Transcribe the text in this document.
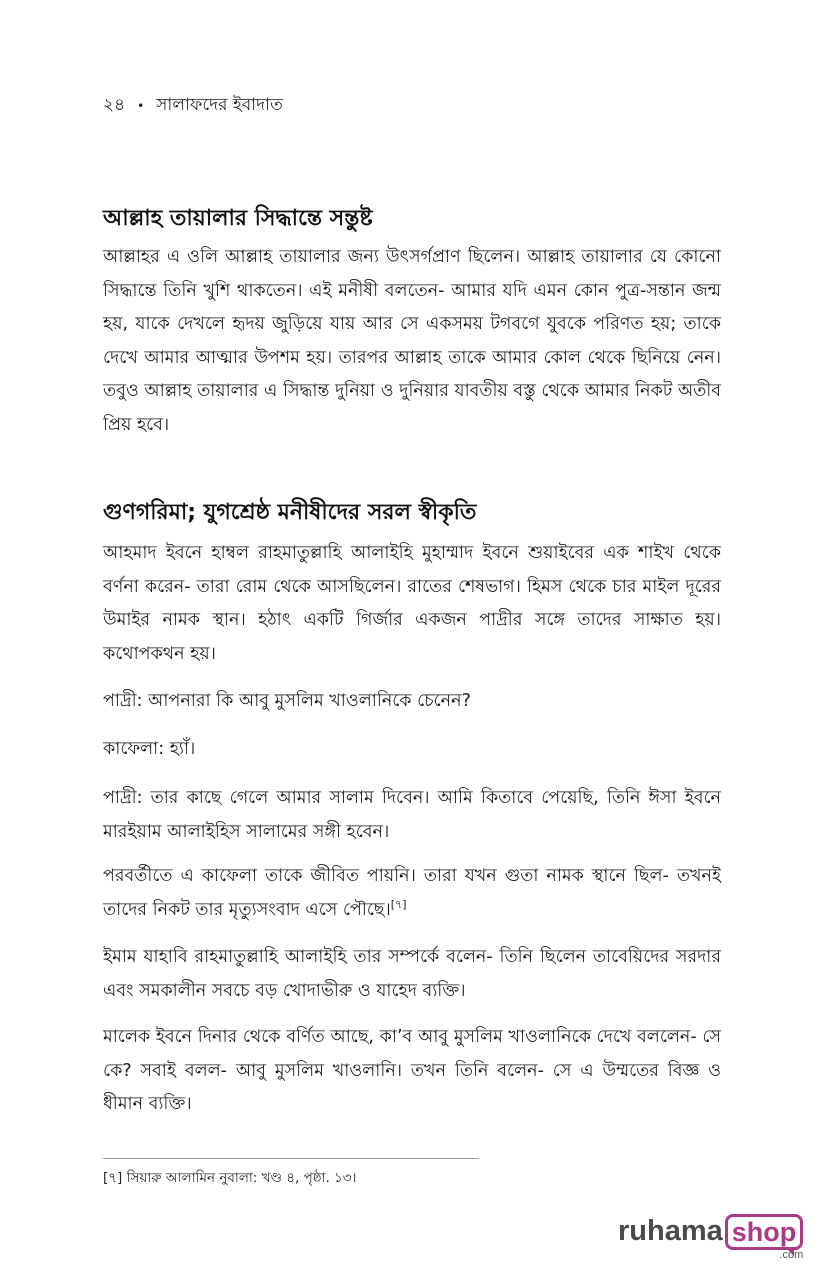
২৪ • সালাফদের ইবাদাত
আল্লাহ তায়ালার সিদ্ধান্তে সন্তুষ্ট

আল্লাহর এ ওলি আল্লাহ তায়ালার জন্য উৎসর্গপ্রাণ ছিলেন। আল্লাহ তায়ালার যে কোনো সিদ্ধান্তে তিনি খুশি থাকতেন। এই মনীষী বলতেন- আমার যদি এমন কোন পুত্র-সন্তান জন্ম হয়, যাকে দেখলে হৃদয় জুড়িয়ে যায় আর সে একসময় টগবগে যুবকে পরিণত হয়; তাকে দেখে আমার আত্মার উপশম হয়। তারপর আল্লাহ তাকে আমার কোল থেকে ছিনিয়ে নেন। তবুও আল্লাহ তায়ালার এ সিদ্ধান্ত দুনিয়া ও দুনিয়ার যাবতীয় বস্তু থেকে আমার নিকট অতীব প্রিয় হবে।

গুণগরিমা; যুগশ্রেষ্ঠ মনীষীদের সরল স্বীকৃতি

আহমাদ ইবনে হাম্বল রাহমাতুল্লাহি আলাইহি মুহাম্মাদ ইবনে শুয়াইবের এক শাইখ থেকে বর্ণনা করেন- তারা রোম থেকে আসছিলেন। রাতের শেষভাগ। হিমস থেকে চার মাইল দূরের উমাইর নামক স্থান। হঠাৎ একটি গির্জার একজন পাদ্রীর সঙ্গে তাদের সাক্ষাত হয়। কথোপকথন হয়।

পাদ্রী: আপনারা কি আবু মুসলিম খাওলানিকে চেনেন?

কাফেলা: হ্যাঁ।

পাদ্রী: তার কাছে গেলে আমার সালাম দিবেন। আমি কিতাবে পেয়েছি, তিনি ঈসা ইবনে মারইয়াম আলাইহিস সালামের সঙ্গী হবেন।

পরবর্তীতে এ কাফেলা তাকে জীবিত পায়নি। তারা যখন গুতা নামক স্থানে ছিল- তখনই তাদের নিকট তার মৃত্যুসংবাদ এসে পৌছে।[৭]

ইমাম যাহাবি রাহমাতুল্লাহি আলাইহি তার সম্পর্কে বলেন- তিনি ছিলেন তাবেয়িদের সরদার এবং সমকালীন সবচে বড় খোদাভীরু ও যাহেদ ব্যক্তি।

মালেক ইবনে দিনার থেকে বর্ণিত আছে, কা’ব আবু মুসলিম খাওলানিকে দেখে বললেন- সে কে? সবাই বলল- আবু মুসলিম খাওলানি। তখন তিনি বলেন- সে এ উম্মতের বিজ্ঞ ও ধীমান ব্যক্তি।

[৭] সিয়ারু আলামিন নুবালা: খণ্ড ৪, পৃষ্ঠা. ১৩।
ruhama shop
.com
